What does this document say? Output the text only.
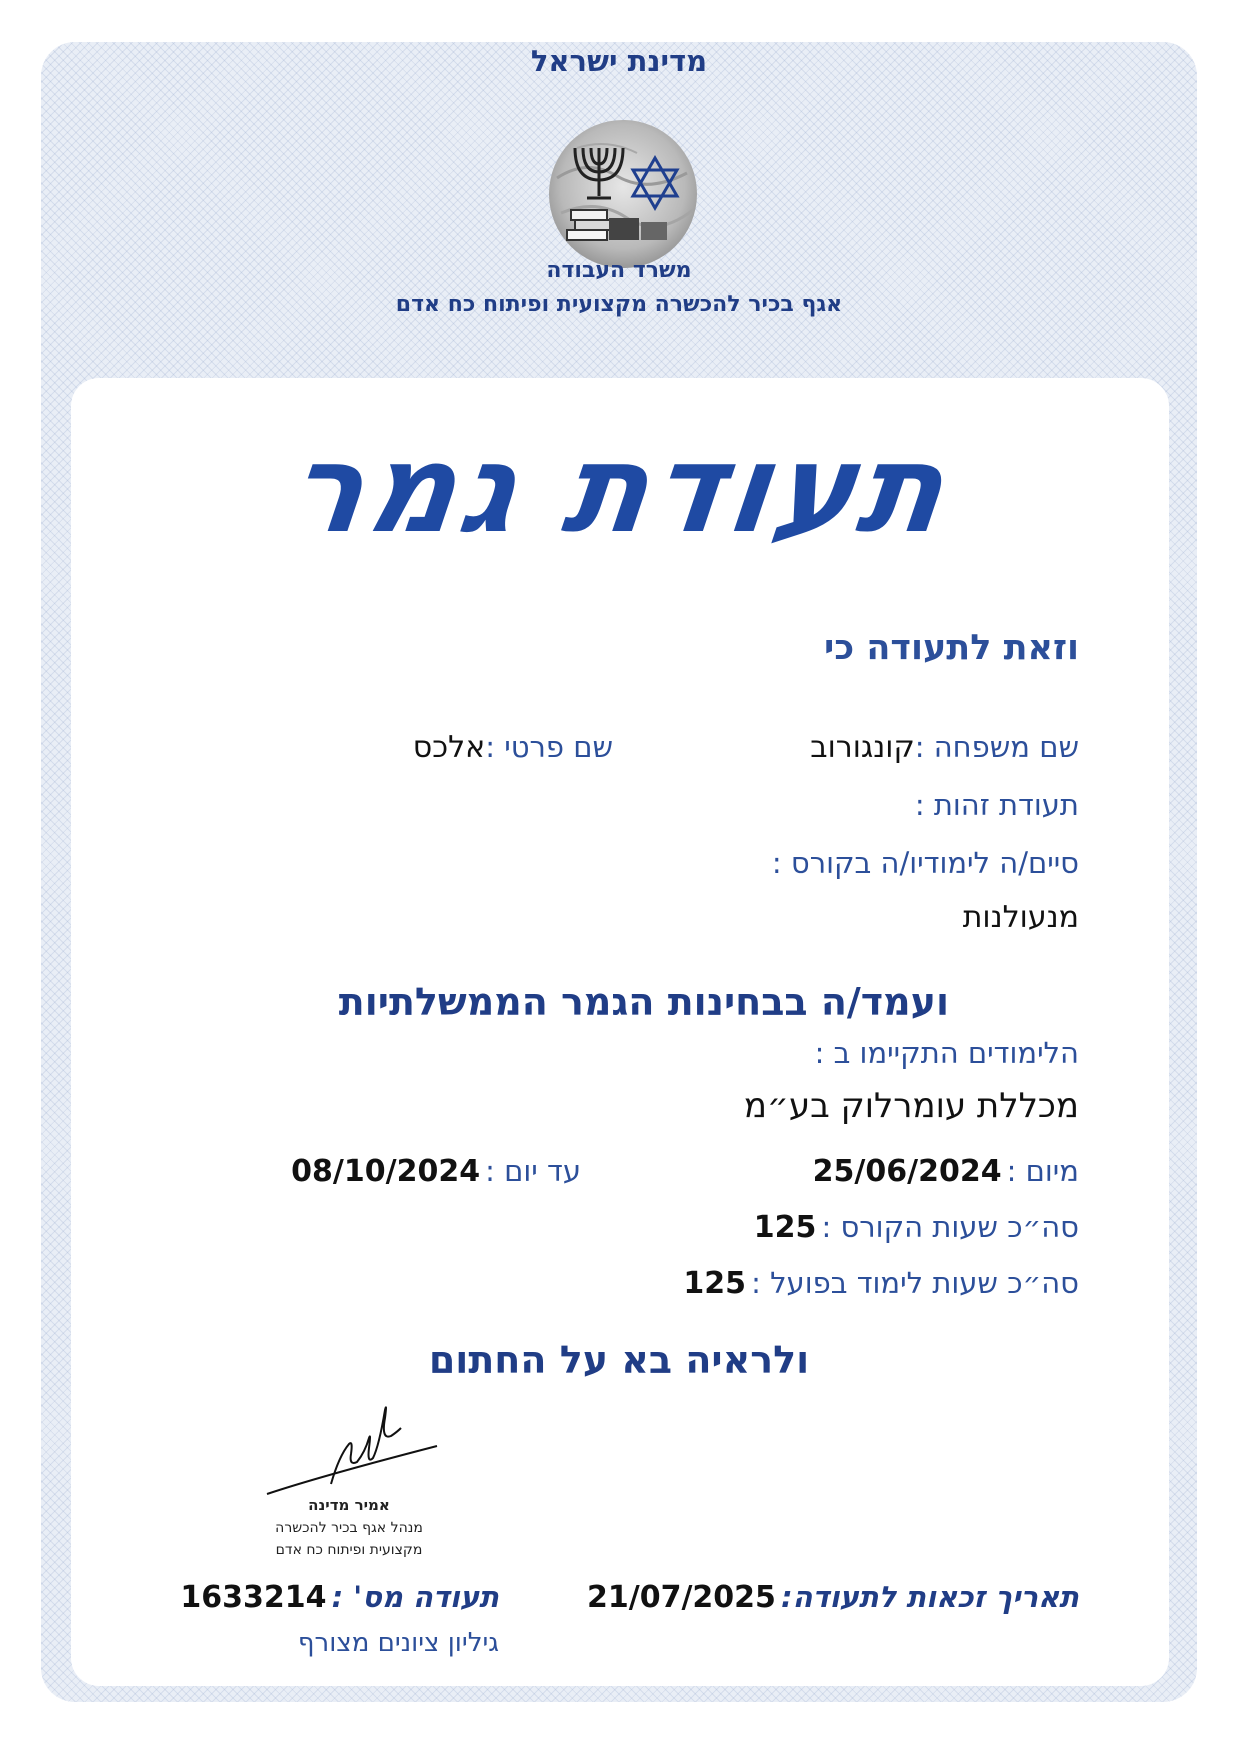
מדינת ישראל
משרד העבודה
אגף בכיר להכשרה מקצועית ופיתוח כח אדם
תעודת גמר
וזאת לתעודה כי
שם משפחה :קונגורוב
שם פרטי :אלכס
תעודת זהות :
סיים/ה לימודיו/ה בקורס :
מנעולנות
ועמד/ה בבחינות הגמר הממשלתיות
הלימודים התקיימו ב :
מכללת עומרלוק בע״מ
מיום : 25/06/2024
עד יום : 08/10/2024
סה״כ שעות הקורס : 125
סה״כ שעות לימוד בפועל : 125
ולראיה בא על החתום
אמיר מדינה
מנהל אגף בכיר להכשרה
מקצועית ופיתוח כח אדם
תאריך זכאות לתעודה: 21/07/2025
תעודה מס' : 1633214
גיליון ציונים מצורף
